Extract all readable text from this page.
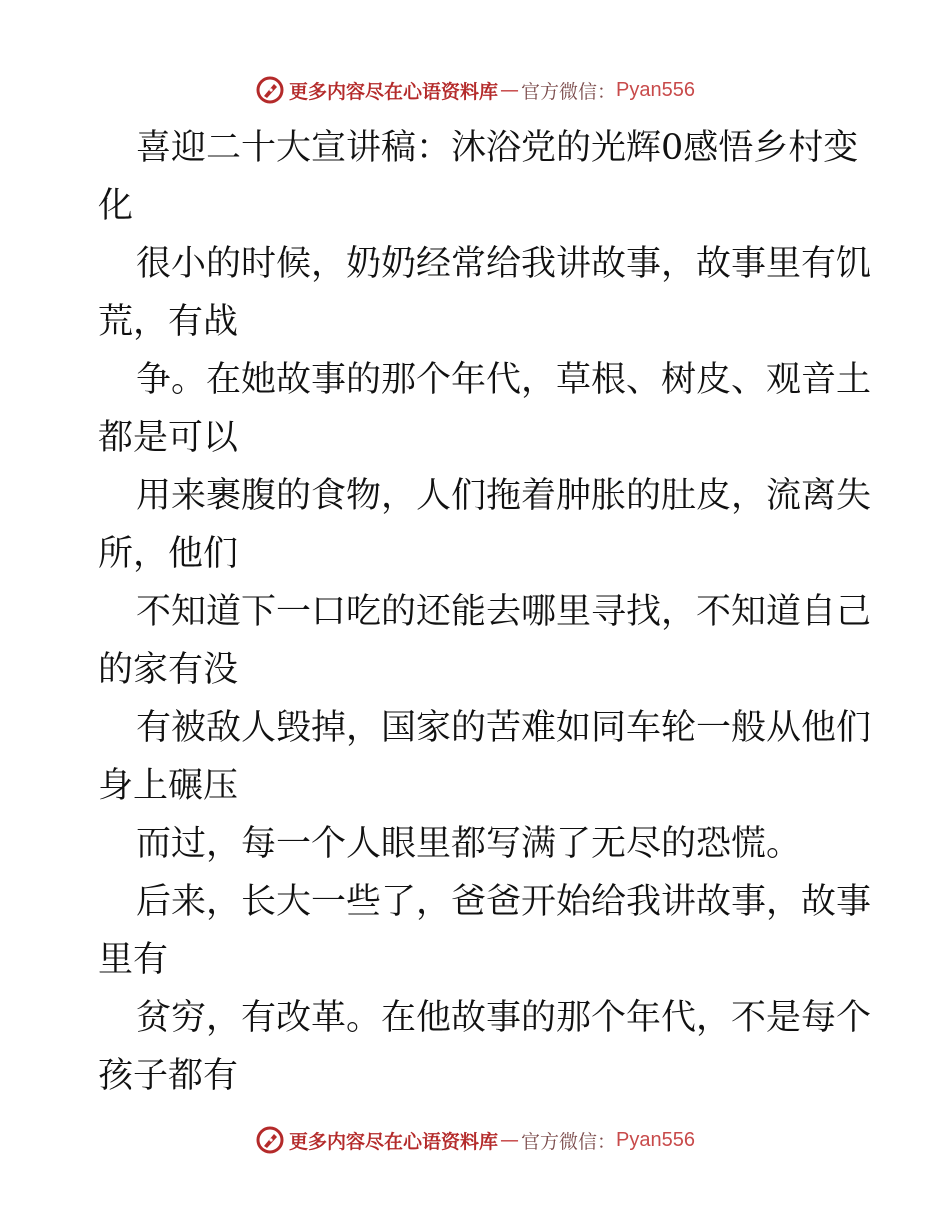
更多内容尽在心语资料库 — 官方微信： Pyan556
喜迎二十大宣讲稿：沐浴党的光辉0感悟乡村变
化
很小的时候，奶奶经常给我讲故事，故事里有饥
荒，有战
争。在她故事的那个年代，草根、树皮、观音土
都是可以
用来裹腹的食物，人们拖着肿胀的肚皮，流离失
所，他们
不知道下一口吃的还能去哪里寻找，不知道自己
的家有没
有被敌人毁掉，国家的苦难如同车轮一般从他们
身上碾压
而过，每一个人眼里都写满了无尽的恐慌。
后来，长大一些了，爸爸开始给我讲故事，故事
里有
贫穷，有改革。在他故事的那个年代，不是每个
孩子都有
更多内容尽在心语资料库 — 官方微信： Pyan556
